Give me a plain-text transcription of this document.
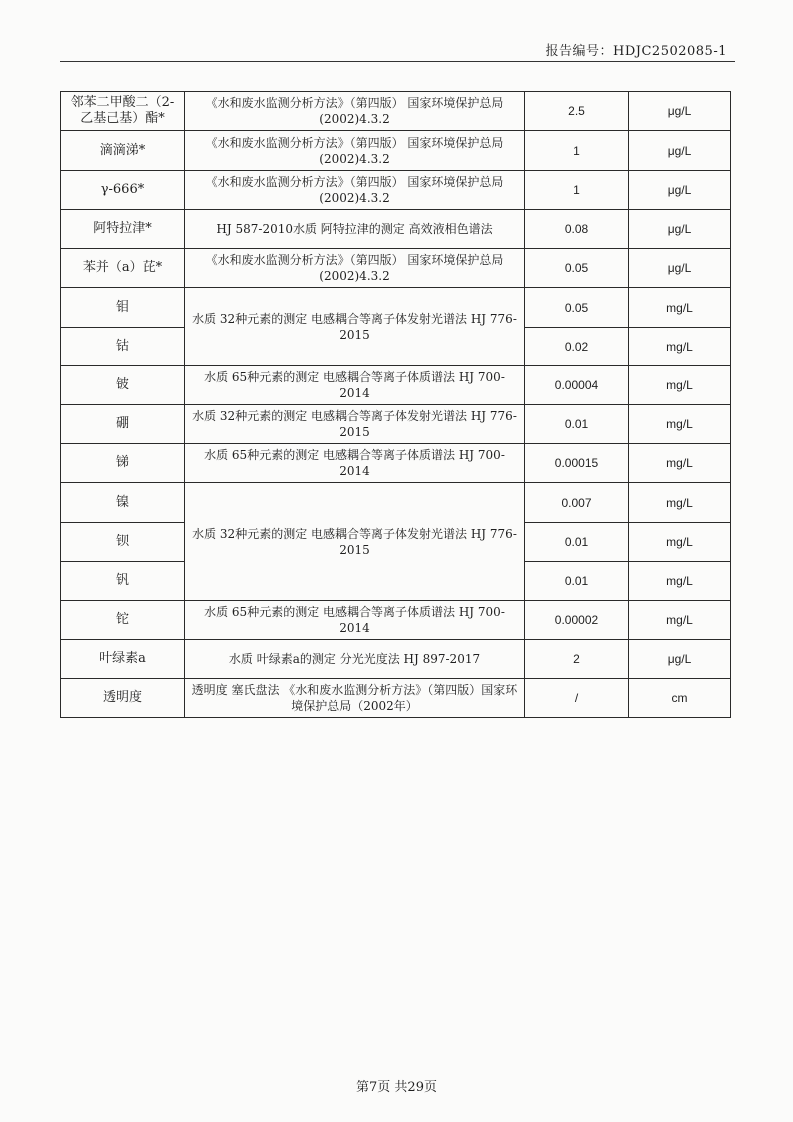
报告编号：HDJC2502085-1
邻苯二甲酸二（2-乙基己基）酯*	《水和废水监测分析方法》（第四版） 国家环境保护总局(2002)4.3.2	2.5	μg/L
滴滴涕*	《水和废水监测分析方法》（第四版） 国家环境保护总局(2002)4.3.2	1	μg/L
γ-666*	《水和废水监测分析方法》（第四版） 国家环境保护总局(2002)4.3.2	1	μg/L
阿特拉津*	HJ 587-2010水质 阿特拉津的测定 高效液相色谱法	0.08	μg/L
苯并（a）芘*	《水和废水监测分析方法》（第四版） 国家环境保护总局(2002)4.3.2	0.05	μg/L
钼	水质 32种元素的测定 电感耦合等离子体发射光谱法 HJ 776-2015	0.05	mg/L
钴		0.02	mg/L
铍	水质 65种元素的测定 电感耦合等离子体质谱法 HJ 700-2014	0.00004	mg/L
硼	水质 32种元素的测定 电感耦合等离子体发射光谱法 HJ 776-2015	0.01	mg/L
锑	水质 65种元素的测定 电感耦合等离子体质谱法 HJ 700-2014	0.00015	mg/L
镍	水质 32种元素的测定 电感耦合等离子体发射光谱法 HJ 776-2015	0.007	mg/L
钡		0.01	mg/L
钒		0.01	mg/L
铊	水质 65种元素的测定 电感耦合等离子体质谱法 HJ 700-2014	0.00002	mg/L
叶绿素a	水质 叶绿素a的测定 分光光度法 HJ 897-2017	2	μg/L
透明度	透明度 塞氏盘法 《水和废水监测分析方法》（第四版）国家环境保护总局（2002年）	/	cm
第7页 共29页
